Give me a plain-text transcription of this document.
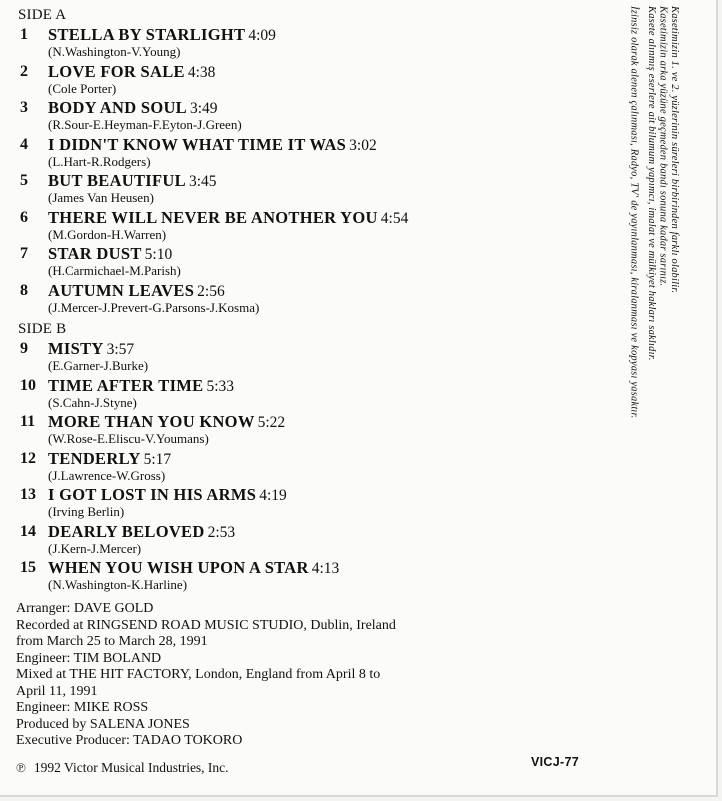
SIDE A
1	STELLA BY STARLIGHT 4:09
(N.Washington-V.Young)
2	LOVE FOR SALE 4:38
(Cole Porter)
3	BODY AND SOUL 3:49
(R.Sour-E.Heyman-F.Eyton-J.Green)
4	I DIDN'T KNOW WHAT TIME IT WAS 3:02
(L.Hart-R.Rodgers)
5	BUT BEAUTIFUL 3:45
(James Van Heusen)
6	THERE WILL NEVER BE ANOTHER YOU 4:54
(M.Gordon-H.Warren)
7	STAR DUST 5:10
(H.Carmichael-M.Parish)
8	AUTUMN LEAVES 2:56
(J.Mercer-J.Prevert-G.Parsons-J.Kosma)
SIDE B
9	MISTY 3:57
(E.Garner-J.Burke)
10 TIME AFTER TIME 5:33
(S.Cahn-J.Styne)
11 MORE THAN YOU KNOW 5:22
(W.Rose-E.Eliscu-V.Youmans)
12 TENDERLY 5:17
(J.Lawrence-W.Gross)
13 I GOT LOST IN HIS ARMS 4:19
(Irving Berlin)
14 DEARLY BELOVED 2:53
(J.Kern-J.Mercer)
15 WHEN YOU WISH UPON A STAR 4:13
(N.Washington-K.Harline)
Arranger: DAVE GOLD
Recorded at RINGSEND ROAD MUSIC STUDIO, Dublin, Ireland
from March 25 to March 28, 1991
Engineer: TIM BOLAND
Mixed at THE HIT FACTORY, London, England from April 8 to
April 11, 1991
Engineer: MIKE ROSS
Produced by SALENA JONES
Executive Producer: TADAO TOKORO
℗ 1992 Victor Musical Industries, Inc.	VICJ-77
Kasetimizin 1. ve 2. yüzlerinin süreleri birbirinden farklı olabilir.
Kasetimizin arka yüzüne geçmeden bandı sonuna kadar sarınız.
Kasete alınmış eserlere ait bilumum yapımcı, imalat ve mülkiyet hakları saklıdır.
İzinsiz olarak alenen çalınması, Radyo, TV' de yayınlanması, kiralanması ve kopyası yasaktır.
